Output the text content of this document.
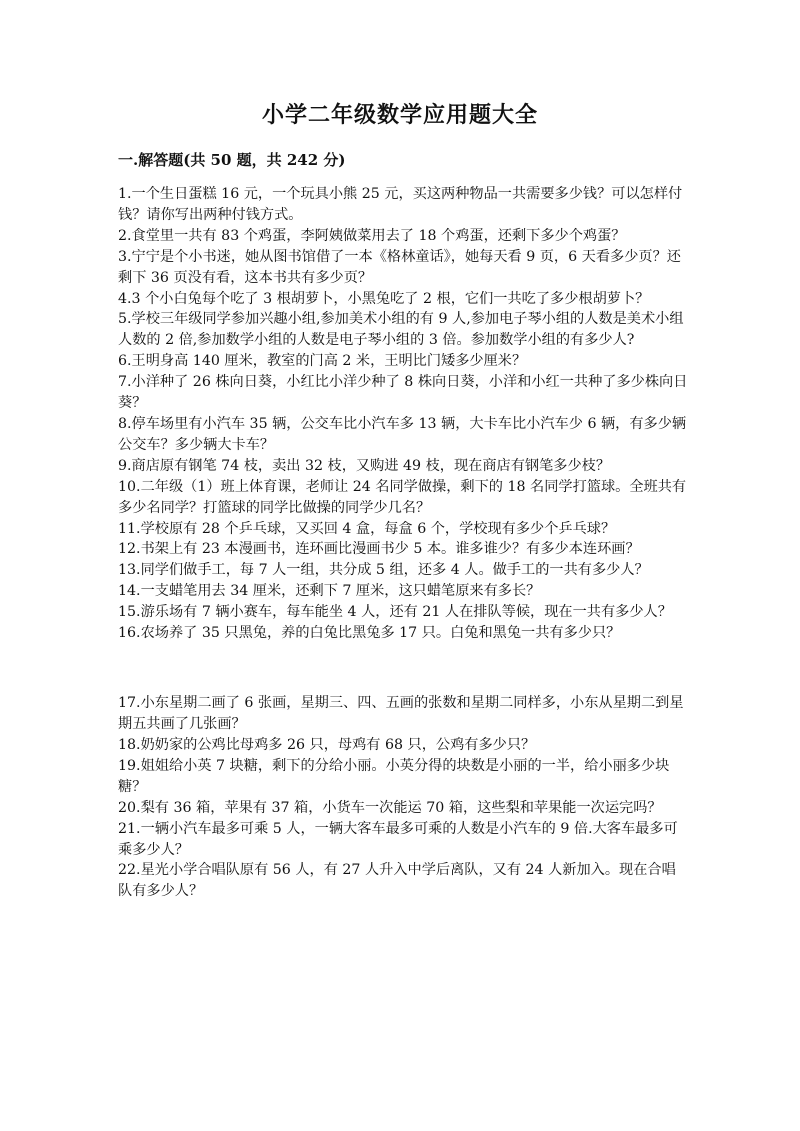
小学二年级数学应用题大全
一.解答题(共 50 题，共 242 分)

1.一个生日蛋糕 16 元，一个玩具小熊 25 元，买这两种物品一共需要多少钱？可以怎样付钱？请你写出两种付钱方式。

2.食堂里一共有 83 个鸡蛋，李阿姨做菜用去了 18 个鸡蛋，还剩下多少个鸡蛋？

3.宁宁是个小书迷，她从图书馆借了一本《格林童话》，她每天看 9 页，6 天看多少页？还剩下 36 页没有看，这本书共有多少页？

4.3 个小白兔每个吃了 3 根胡萝卜，小黑兔吃了 2 根，它们一共吃了多少根胡萝卜？

5.学校三年级同学参加兴趣小组,参加美术小组的有 9 人,参加电子琴小组的人数是美术小组人数的 2 倍,参加数学小组的人数是电子琴小组的 3 倍。参加数学小组的有多少人?

6.王明身高 140 厘米，教室的门高 2 米，王明比门矮多少厘米？

7.小洋种了 26 株向日葵，小红比小洋少种了 8 株向日葵，小洋和小红一共种了多少株向日葵？

8.停车场里有小汽车 35 辆，公交车比小汽车多 13 辆，大卡车比小汽车少 6 辆，有多少辆公交车？多少辆大卡车？

9.商店原有钢笔 74 枝，卖出 32 枝，又购进 49 枝，现在商店有钢笔多少枝？

10.二年级（1）班上体育课，老师让 24 名同学做操，剩下的 18 名同学打篮球。全班共有多少名同学？打篮球的同学比做操的同学少几名？

11.学校原有 28 个乒乓球，又买回 4 盒，每盒 6 个，学校现有多少个乒乓球？

12.书架上有 23 本漫画书，连环画比漫画书少 5 本。谁多谁少？有多少本连环画？

13.同学们做手工，每 7 人一组，共分成 5 组，还多 4 人。做手工的一共有多少人？

14.一支蜡笔用去 34 厘米，还剩下 7 厘米，这只蜡笔原来有多长？

15.游乐场有 7 辆小赛车，每车能坐 4 人，还有 21 人在排队等候，现在一共有多少人？

16.农场养了 35 只黑兔，养的白兔比黑兔多 17 只。白兔和黑兔一共有多少只？

17.小东星期二画了 6 张画，星期三、四、五画的张数和星期二同样多，小东从星期二到星期五共画了几张画？

18.奶奶家的公鸡比母鸡多 26 只，母鸡有 68 只，公鸡有多少只？

19.姐姐给小英 7 块糖，剩下的分给小丽。小英分得的块数是小丽的一半，给小丽多少块糖？

20.梨有 36 箱，苹果有 37 箱，小货车一次能运 70 箱，这些梨和苹果能一次运完吗？

21.一辆小汽车最多可乘 5 人，一辆大客车最多可乘的人数是小汽车的 9 倍.大客车最多可乘多少人？

22.星光小学合唱队原有 56 人，有 27 人升入中学后离队，又有 24 人新加入。现在合唱队有多少人？
